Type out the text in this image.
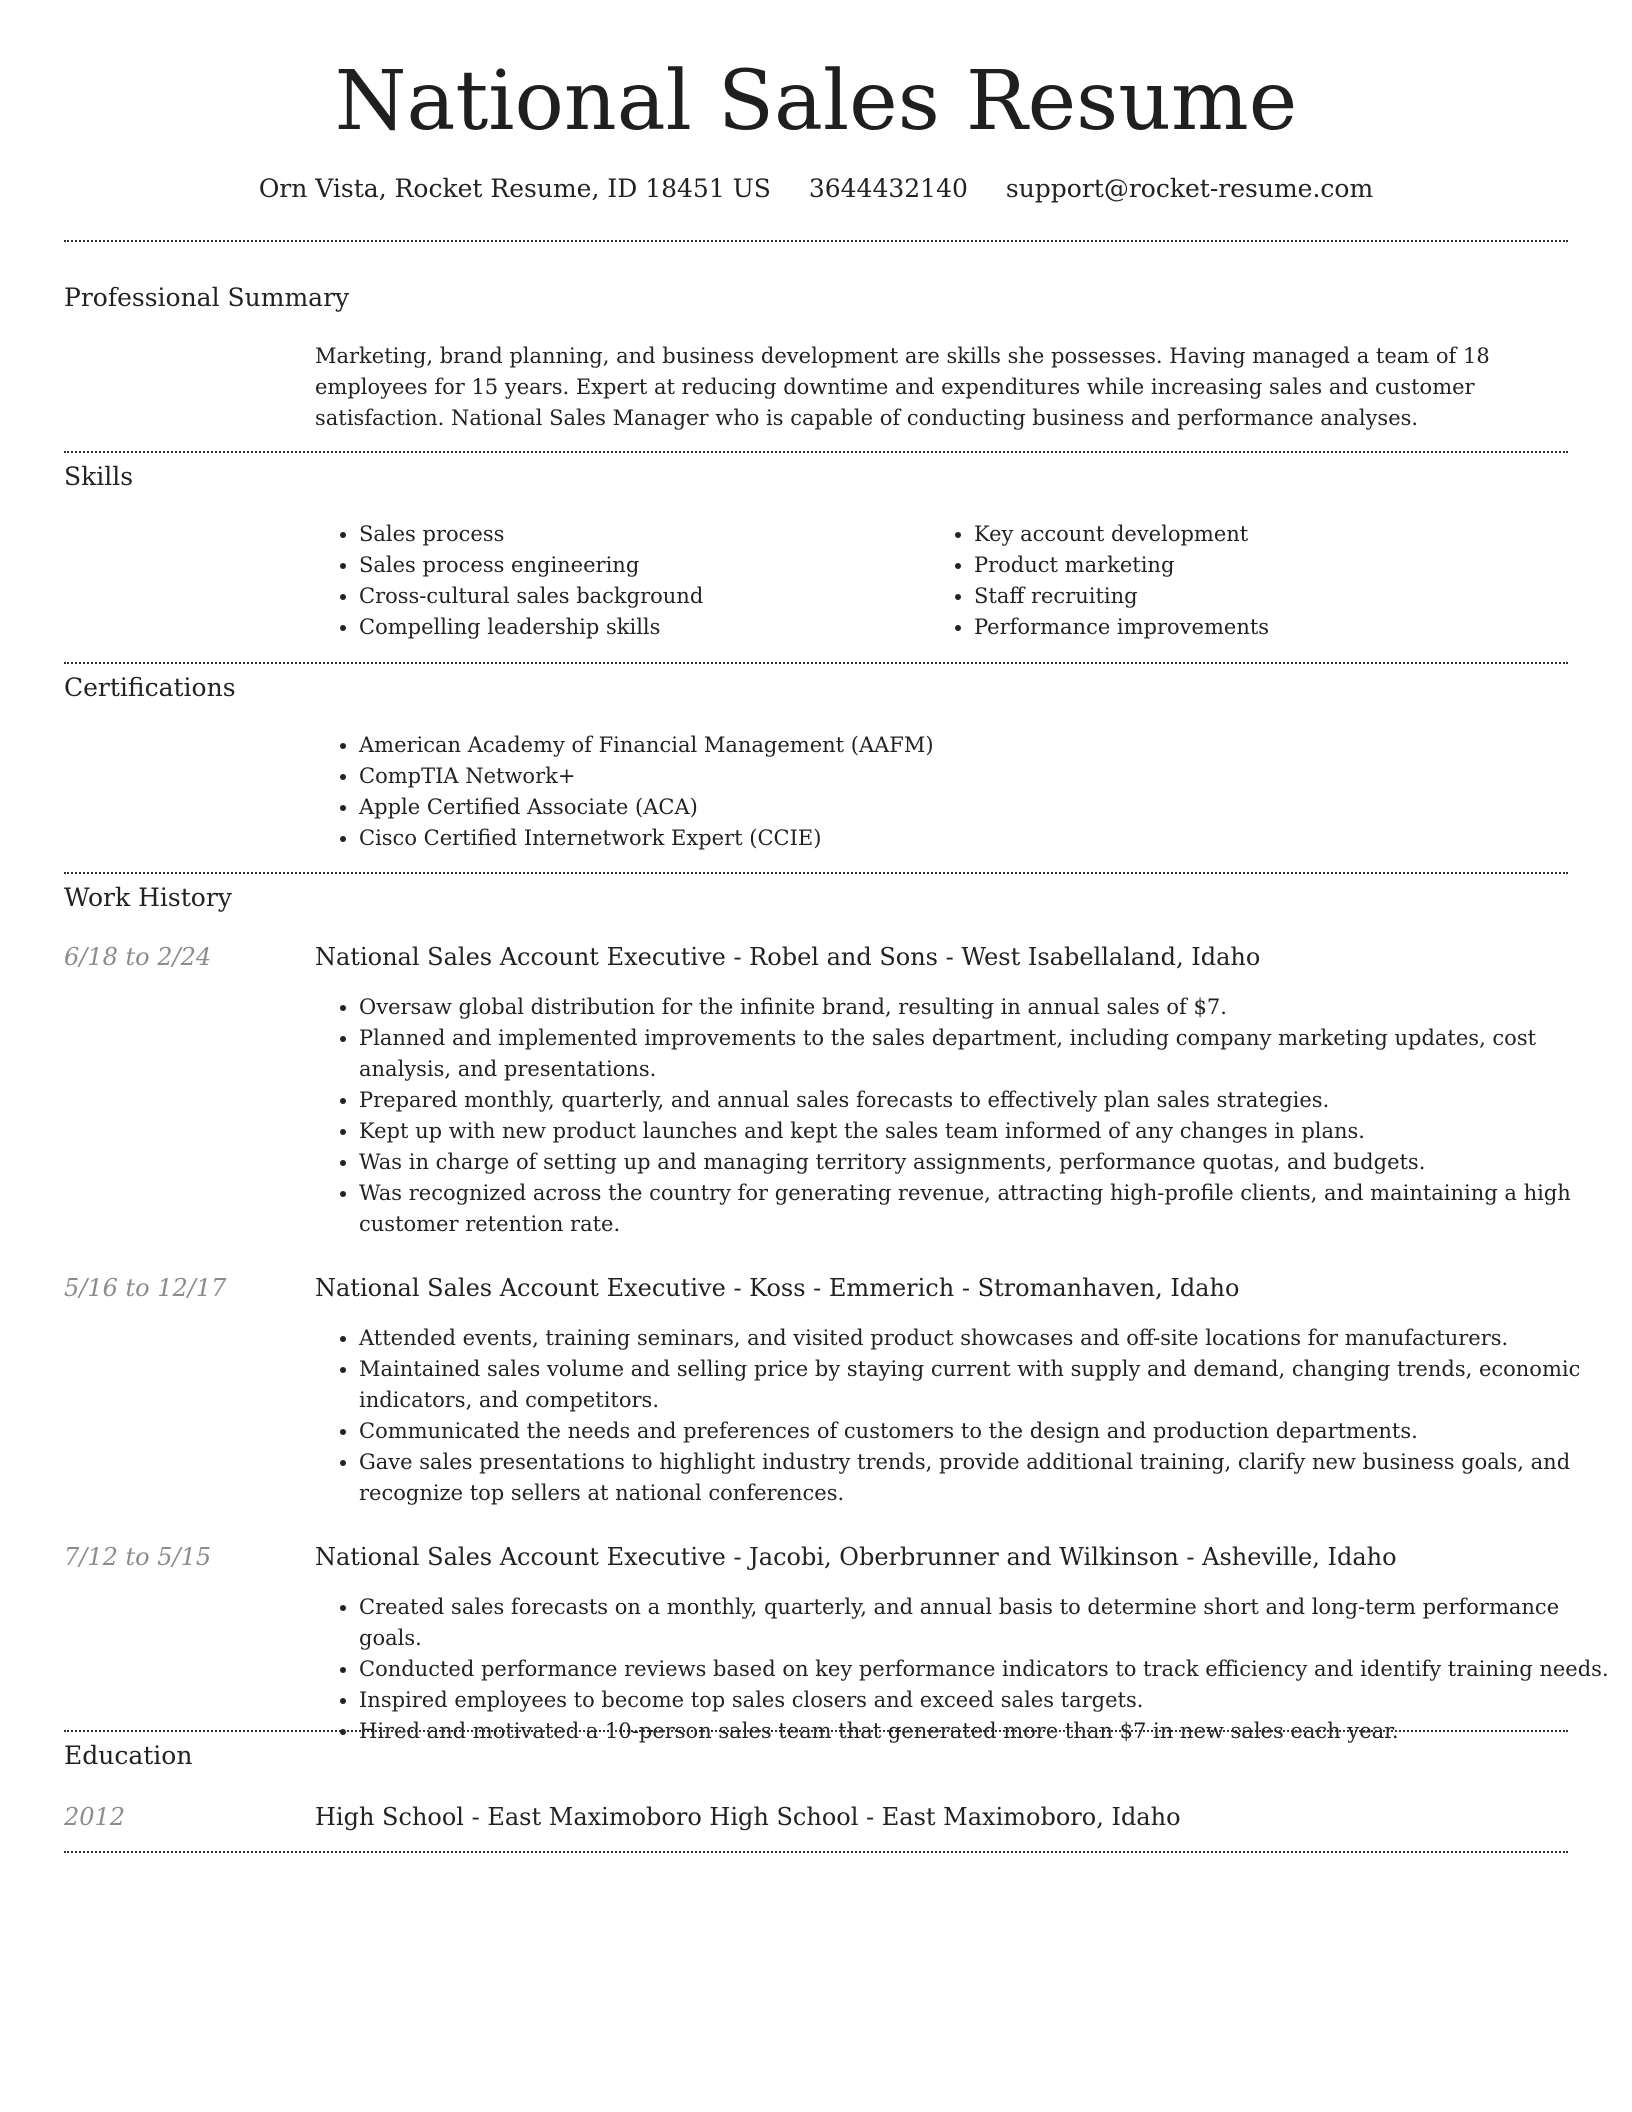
National Sales Resume
Orn Vista, Rocket Resume, ID 18451 US 3644432140 support@rocket-resume.com
Professional Summary

Marketing, brand planning, and business development are skills she possesses. Having managed a team of 18 employees for 15 years. Expert at reducing downtime and expenditures while increasing sales and customer satisfaction. National Sales Manager who is capable of conducting business and performance analyses.

Skills
• Sales process
• Sales process engineering
• Cross-cultural sales background
• Compelling leadership skills
• Key account development
• Product marketing
• Staff recruiting
• Performance improvements
Certifications
• American Academy of Financial Management (AAFM)
• CompTIA Network+
• Apple Certified Associate (ACA)
• Cisco Certified Internetwork Expert (CCIE)
Work History
6/18 to 2/24	National Sales Account Executive - Robel and Sons - West Isabellaland, Idaho
• Oversaw global distribution for the infinite brand, resulting in annual sales of $7.
• Planned and implemented improvements to the sales department, including company marketing updates, cost analysis, and presentations.
• Prepared monthly, quarterly, and annual sales forecasts to effectively plan sales strategies.
• Kept up with new product launches and kept the sales team informed of any changes in plans.
• Was in charge of setting up and managing territory assignments, performance quotas, and budgets.
• Was recognized across the country for generating revenue, attracting high-profile clients, and maintaining a high customer retention rate.
5/16 to 12/17	National Sales Account Executive - Koss - Emmerich - Stromanhaven, Idaho
• Attended events, training seminars, and visited product showcases and off-site locations for manufacturers.
• Maintained sales volume and selling price by staying current with supply and demand, changing trends, economic indicators, and competitors.
• Communicated the needs and preferences of customers to the design and production departments.
• Gave sales presentations to highlight industry trends, provide additional training, clarify new business goals, and recognize top sellers at national conferences.
7/12 to 5/15	National Sales Account Executive - Jacobi, Oberbrunner and Wilkinson - Asheville, Idaho
• Created sales forecasts on a monthly, quarterly, and annual basis to determine short and long-term performance goals.
• Conducted performance reviews based on key performance indicators to track efficiency and identify training needs.
• Inspired employees to become top sales closers and exceed sales targets.
• Hired and motivated a 10-person sales team that generated more than $7 in new sales each year.
Education
2012	High School - East Maximoboro High School - East Maximoboro, Idaho
